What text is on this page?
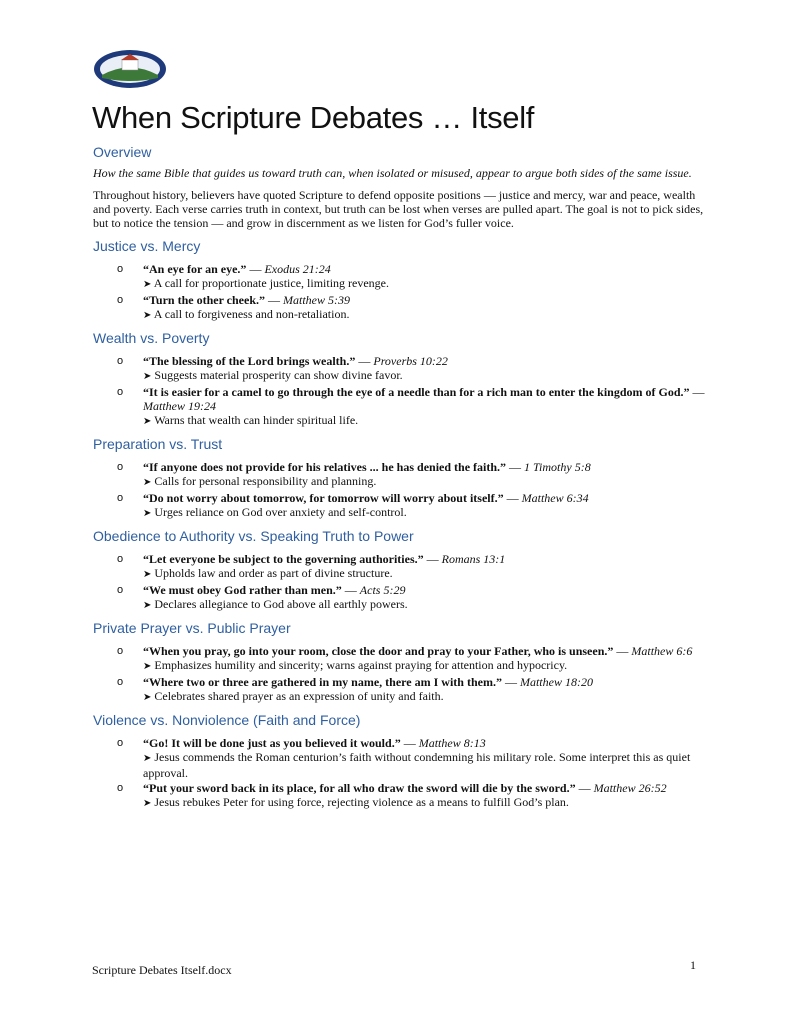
When Scripture Debates … Itself
Overview

How the same Bible that guides us toward truth can, when isolated or misused, appear to argue both sides of the same issue.

Throughout history, believers have quoted Scripture to defend opposite positions — justice and mercy, war and peace, wealth and poverty. Each verse carries truth in context, but truth can be lost when verses are pulled apart. The goal is not to pick sides, but to notice the tension — and grow in discernment as we listen for God’s fuller voice.

Justice vs. Mercy
o “An eye for an eye.” — Exodus 21:24
➤ A call for proportionate justice, limiting revenge.
o “Turn the other cheek.” — Matthew 5:39
➤ A call to forgiveness and non-retaliation.
Wealth vs. Poverty
o “The blessing of the Lord brings wealth.” — Proverbs 10:22
➤ Suggests material prosperity can show divine favor.
o “It is easier for a camel to go through the eye of a needle than for a rich man to enter the kingdom of God.” — Matthew 19:24
➤ Warns that wealth can hinder spiritual life.
Preparation vs. Trust
o “If anyone does not provide for his relatives ... he has denied the faith.” — 1 Timothy 5:8
➤ Calls for personal responsibility and planning.
o “Do not worry about tomorrow, for tomorrow will worry about itself.” — Matthew 6:34
➤ Urges reliance on God over anxiety and self-control.
Obedience to Authority vs. Speaking Truth to Power
o “Let everyone be subject to the governing authorities.” — Romans 13:1
➤ Upholds law and order as part of divine structure.
o “We must obey God rather than men.” — Acts 5:29
➤ Declares allegiance to God above all earthly powers.
Private Prayer vs. Public Prayer
o “When you pray, go into your room, close the door and pray to your Father, who is unseen.” — Matthew 6:6
➤ Emphasizes humility and sincerity; warns against praying for attention and hypocricy.
o “Where two or three are gathered in my name, there am I with them.” — Matthew 18:20
➤ Celebrates shared prayer as an expression of unity and faith.
Violence vs. Nonviolence (Faith and Force)
o “Go! It will be done just as you believed it would.” — Matthew 8:13
➤ Jesus commends the Roman centurion’s faith without condemning his military role. Some interpret this as quiet approval.
o “Put your sword back in its place, for all who draw the sword will die by the sword.” — Matthew 26:52
➤ Jesus rebukes Peter for using force, rejecting violence as a means to fulfill God’s plan.
Scripture Debates Itself.docx	1
